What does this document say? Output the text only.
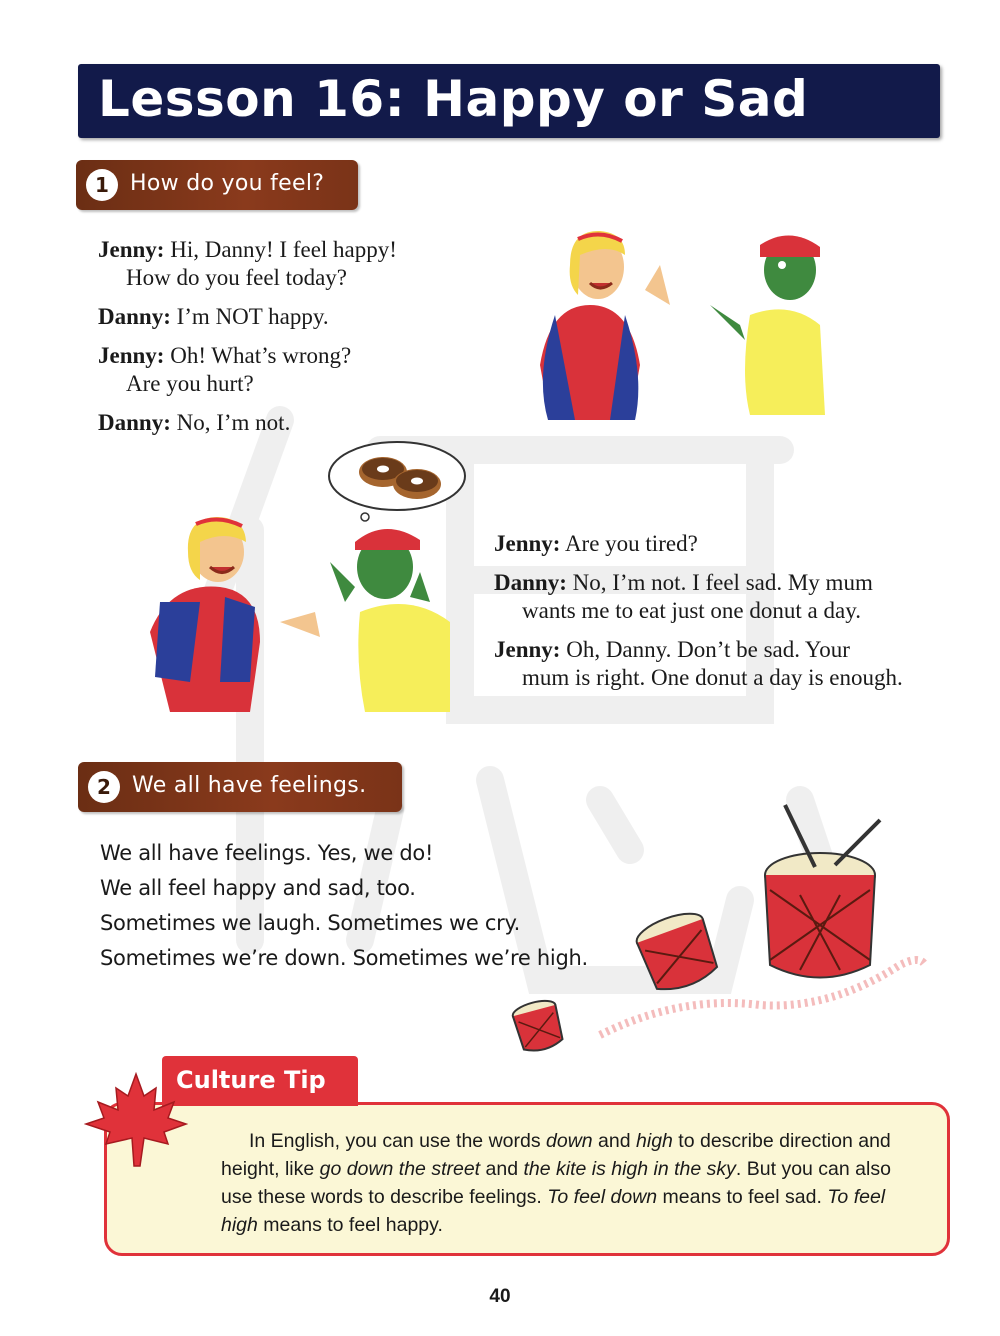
Lesson 16: Happy or Sad
1 How do you feel?
Jenny: Hi, Danny! I feel happy!
How do you feel today?
Danny: I’m NOT happy.
Jenny: Oh! What’s wrong?
Are you hurt?
Danny: No, I’m not.
Jenny: Are you tired?
Danny: No, I’m not. I feel sad. My mum
wants me to eat just one donut a day.
Jenny: Oh, Danny. Don’t be sad. Your
mum is right. One donut a day is enough.
2 We all have feelings.
We all have feelings. Yes, we do!
We all feel happy and sad, too.
Sometimes we laugh. Sometimes we cry.
Sometimes we’re down. Sometimes we’re high.
In English, you can use the words down and high to describe direction and height, like go down the street and the kite is high in the sky. But you can also use these words to describe feelings. To feel down means to feel sad. To feel high means to feel happy.
Culture Tip
40
